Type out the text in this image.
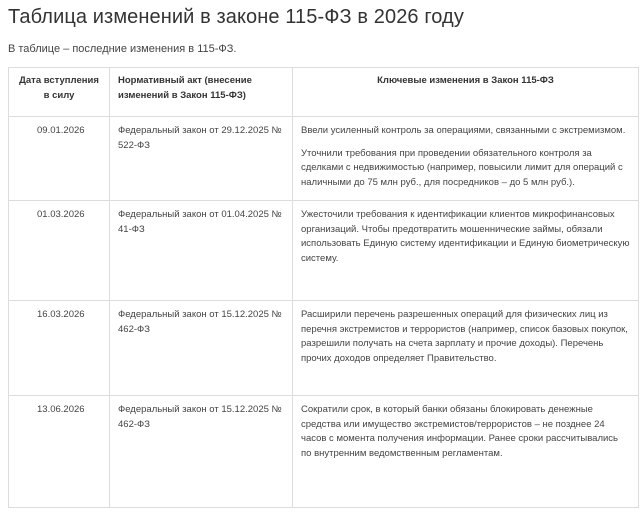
Таблица изменений в законе 115-ФЗ в 2026 году

В таблице – последние изменения в 115-ФЗ.

Дата вступления в силу	Нормативный акт (внесение изменений в Закон 115-ФЗ)	Ключевые изменения в Закон 115-ФЗ
09.01.2026	Федеральный закон от 29.12.2025 № 522-ФЗ	Ввели усиленный контроль за операциями, связанными с экстремизмом.

Уточнили требования при проведении обязательного контроля за сделками с недвижимостью (например, повысили лимит для операций с наличными до 75 млн руб., для посредников – до 5 млн руб.).

01.03.2026	Федеральный закон от 01.04.2025 № 41-ФЗ	Ужесточили требования к идентификации клиентов микрофинансовых организаций. Чтобы предотвратить мошеннические займы, обязали использовать Единую систему идентификации и Единую биометрическую систему.

16.03.2026	Федеральный закон от 15.12.2025 № 462-ФЗ	Расширили перечень разрешенных операций для физических лиц из перечня экстремистов и террористов (например, список базовых покупок, разрешили получать на счета зарплату и прочие доходы). Перечень прочих доходов определяет Правительство.

13.06.2026	Федеральный закон от 15.12.2025 № 462-ФЗ	Сократили срок, в который банки обязаны блокировать денежные средства или имущество экстремистов/террористов – не позднее 24 часов с момента получения информации. Ранее сроки рассчитывались по внутренним ведомственным регламентам.
